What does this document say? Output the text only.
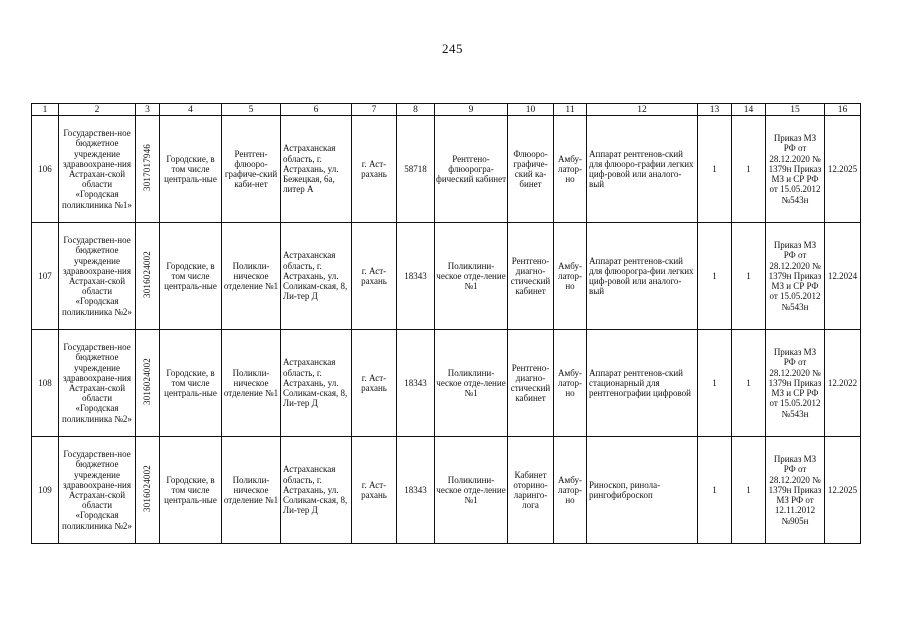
245
1	2	3	4	5	6	7	8	9	10	11	12	13	14	15	16
106	Государствен-ное бюджетное учреждение здравоохране-ния Астрахан-ской области «Городская поликлиника №1»	3017017946	Городские, в том числе централь-ные	Рентген-флюоро-графиче-ский каби-нет	Астраханская область, г. Астрахань, ул. Бежецкая, 6а, литер А	г. Аст-рахань	58718	Рентгено-флюорогра-фический кабинет	Флюоро-графиче-ский ка-бинет	Амбу-латор-но	Аппарат рентгенов-ский для флюоро-графии легких циф-ровой или аналого-вый	1	1	Приказ МЗ РФ от 28.12.2020 № 1379н Приказ МЗ и СР РФ от 15.05.2012 №543н	12.2025
107	Государствен-ное бюджетное учреждение здравоохране-ния Астрахан-ской области «Городская поликлиника №2»	3016024002	Городские, в том числе централь-ные	Поликли-ническое отделение №1	Астраханская область, г. Астрахань, ул. Соликам-ская, 8, Ли-тер Д	г. Аст-рахань	18343	Поликлини-ческое отде-ление №1	Рентгено-диагно-стический кабинет	Амбу-латор-но	Аппарат рентгенов-ский для флюорогра-фии легких циф-ровой или аналого-вый	1	1	Приказ МЗ РФ от 28.12.2020 № 1379н Приказ МЗ и СР РФ от 15.05.2012 №543н	12.2024
108	Государствен-ное бюджетное учреждение здравоохране-ния Астрахан-ской области «Городская поликлиника №2»	3016024002	Городские, в том числе централь-ные	Поликли-ническое отделение №1	Астраханская область, г. Астрахань, ул. Соликам-ская, 8, Ли-тер Д	г. Аст-рахань	18343	Поликлини-ческое отде-ление №1	Рентгено-диагно-стический кабинет	Амбу-латор-но	Аппарат рентгенов-ский стационарный для рентгенографии цифровой	1	1	Приказ МЗ РФ от 28.12.2020 № 1379н Приказ МЗ и СР РФ от 15.05.2012 №543н	12.2022
109	Государствен-ное бюджетное учреждение здравоохране-ния Астрахан-ской области «Городская поликлиника №2»	3016024002	Городские, в том числе централь-ные	Поликли-ническое отделение №1	Астраханская область, г. Астрахань, ул. Соликам-ская, 8, Ли-тер Д	г. Аст-рахань	18343	Поликлини-ческое отде-ление №1	Кабинет оторино-ларинго-лога	Амбу-латор-но	Риноскоп, ринола-рингофиброскоп	1	1	Приказ МЗ РФ от 28.12.2020 № 1379н Приказ МЗ РФ от 12.11.2012 №905н	12.2025
